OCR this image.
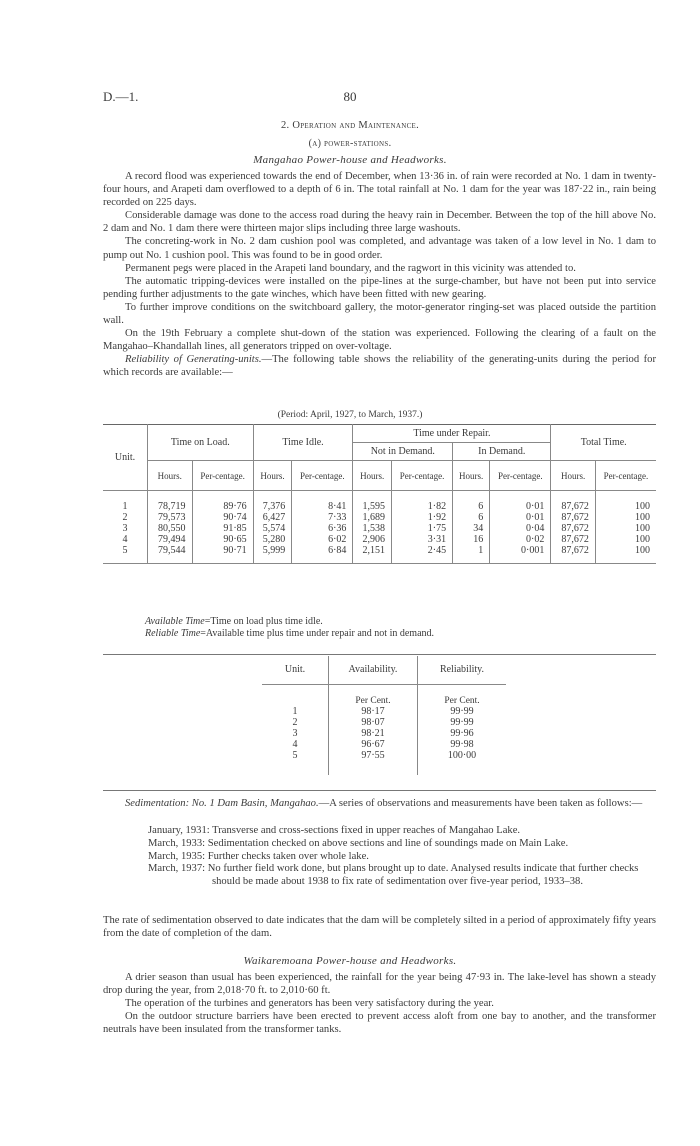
D.—1.	80
2. Operation and Maintenance.
(a) power-stations.
Mangahao Power-house and Headworks.

A record flood was experienced towards the end of December, when 13·36 in. of rain were recorded at No. 1 dam in twenty-four hours, and Arapeti dam overflowed to a depth of 6 in. The total rainfall at No. 1 dam for the year was 187·22 in., rain being recorded on 225 days.

Considerable damage was done to the access road during the heavy rain in December. Between the top of the hill above No. 2 dam and No. 1 dam there were thirteen major slips including three large washouts.

The concreting-work in No. 2 dam cushion pool was completed, and advantage was taken of a low level in No. 1 dam to pump out No. 1 cushion pool. This was found to be in good order.

Permanent pegs were placed in the Arapeti land boundary, and the ragwort in this vicinity was attended to.

The automatic tripping-devices were installed on the pipe-lines at the surge-chamber, but have not been put into service pending further adjustments to the gate winches, which have been fitted with new gearing.

To further improve conditions on the switchboard gallery, the motor-generator ringing-set was placed outside the partition wall.

On the 19th February a complete shut-down of the station was experienced. Following the clearing of a fault on the Mangahao–Khandallah lines, all generators tripped on over-voltage.

Reliability of Generating-units.—The following table shows the reliability of the generating-units during the period for which records are available:—

(Period: April, 1927, to March, 1937.)
Unit.	Time on Load.		Time Idle.		Time under Repair.				Total Time.	
					Not in Demand.		In Demand.			
	Hours.	Per-centage.	Hours.	Per-centage.	Hours.	Per-centage.	Hours.	Per-centage.	Hours.	Per-centage.

1	78,719	89·76	7,376	8·41	1,595	1·82	6	0·01	87,672	100
2	79,573	90·74	6,427	7·33	1,689	1·92	6	0·01	87,672	100
3	80,550	91·85	5,574	6·36	1,538	1·75	34	0·04	87,672	100
4	79,494	90·65	5,280	6·02	2,906	3·31	16	0·02	87,672	100
5	79,544	90·71	5,999	6·84	2,151	2·45	1	0·001	87,672	100

Available Time=Time on load plus time idle.
Reliable Time=Available time plus time under repair and not in demand.
Unit.	Availability.	Reliability.
	Per Cent.	Per Cent.
1	98·17	99·99
2	98·07	99·99
3	98·21	99·96
4	96·67	99·98
5	97·55	100·00

Sedimentation: No. 1 Dam Basin, Mangahao.—A series of observations and measurements have been taken as follows:—

January, 1931: Transverse and cross-sections fixed in upper reaches of Mangahao Lake.
March, 1933: Sedimentation checked on above sections and line of soundings made on Main Lake.
March, 1935: Further checks taken over whole lake.
March, 1937: No further field work done, but plans brought up to date. Analysed results indicate that further checks should be made about 1938 to fix rate of sedimentation over five-year period, 1933–38.

The rate of sedimentation observed to date indicates that the dam will be completely silted in a period of approximately fifty years from the date of completion of the dam.

Waikaremoana Power-house and Headworks.

A drier season than usual has been experienced, the rainfall for the year being 47·93 in. The lake-level has shown a steady drop during the year, from 2,018·70 ft. to 2,010·60 ft.

The operation of the turbines and generators has been very satisfactory during the year.

On the outdoor structure barriers have been erected to prevent access aloft from one bay to another, and the transformer neutrals have been insulated from the transformer tanks.
